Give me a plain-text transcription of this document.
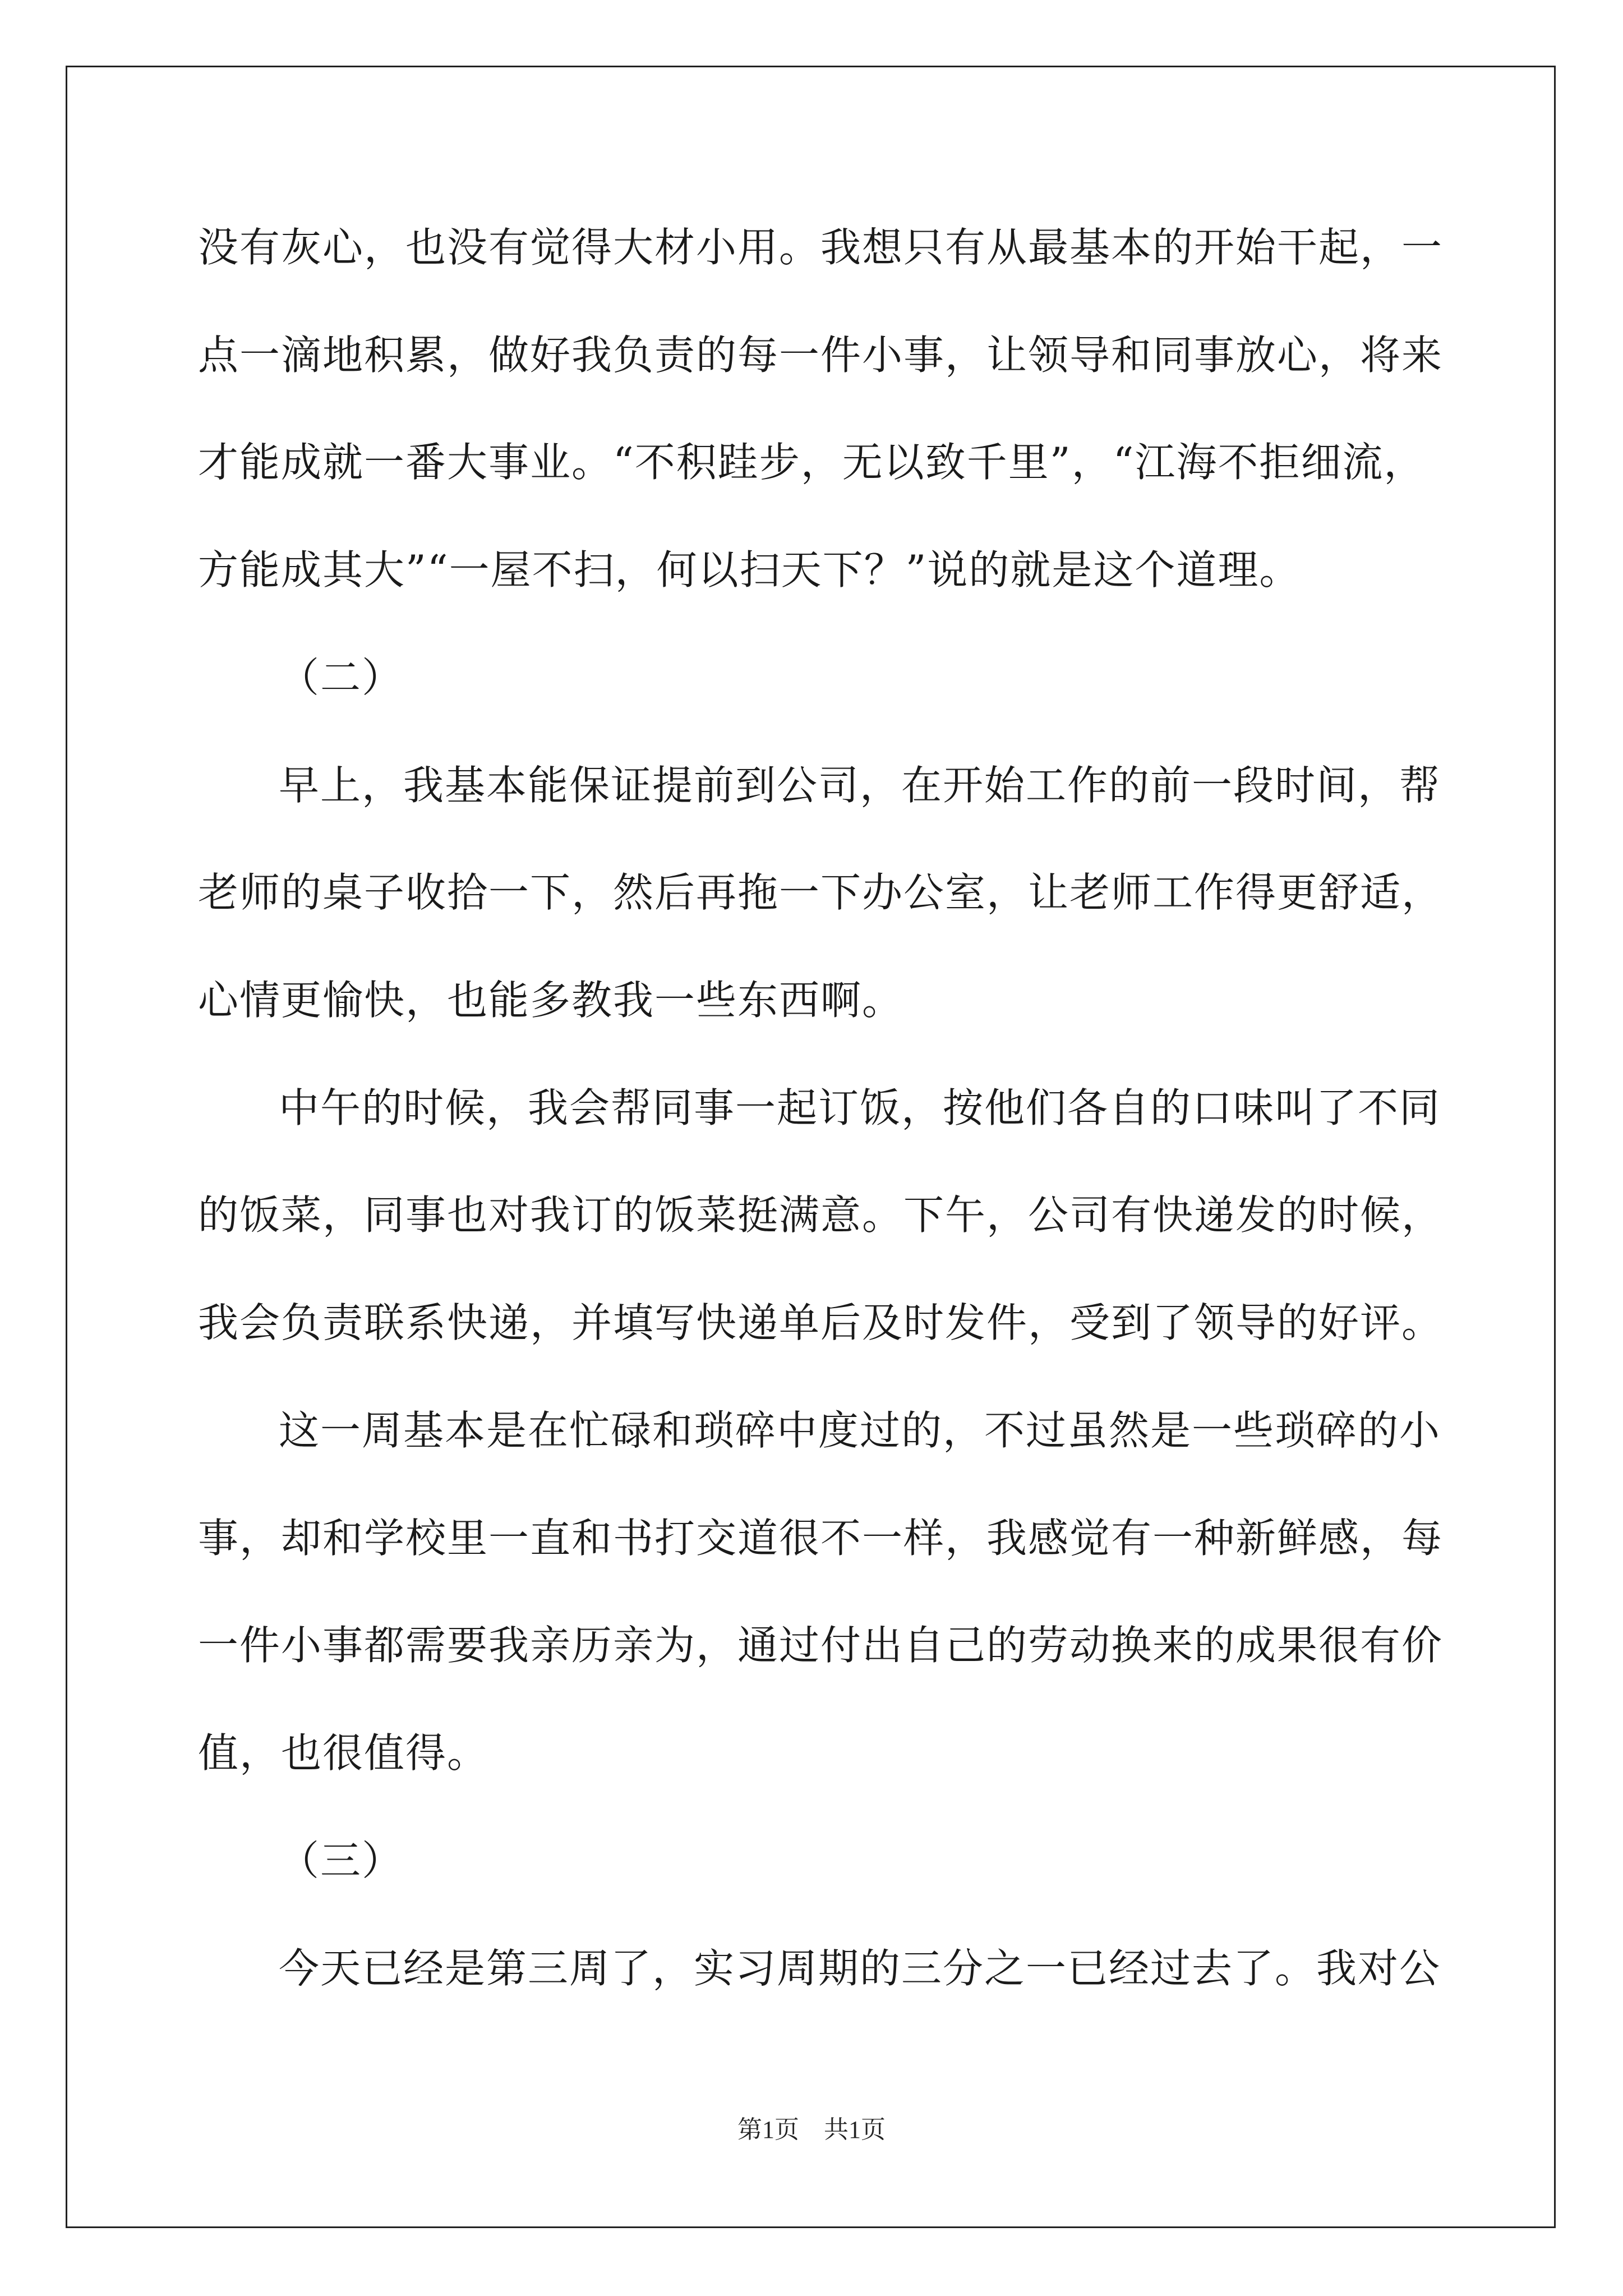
没有灰心，也没有觉得大材小用。我想只有从最基本的开始干起，一
点一滴地积累，做好我负责的每一件小事，让领导和同事放心，将来
才能成就一番大事业。“不积跬步，无以致千里”，“江海不拒细流，
方能成其大”“一屋不扫，何以扫天下？”说的就是这个道理。
（二）
早上，我基本能保证提前到公司，在开始工作的前一段时间，帮
老师的桌子收拾一下，然后再拖一下办公室，让老师工作得更舒适，
心情更愉快，也能多教我一些东西啊。
中午的时候，我会帮同事一起订饭，按他们各自的口味叫了不同
的饭菜，同事也对我订的饭菜挺满意。下午，公司有快递发的时候，
我会负责联系快递，并填写快递单后及时发件，受到了领导的好评。
这一周基本是在忙碌和琐碎中度过的，不过虽然是一些琐碎的小
事，却和学校里一直和书打交道很不一样，我感觉有一种新鲜感，每
一件小事都需要我亲历亲为，通过付出自己的劳动换来的成果很有价
值，也很值得。
（三）
今天已经是第三周了，实习周期的三分之一已经过去了。我对公
第1页　共1页
